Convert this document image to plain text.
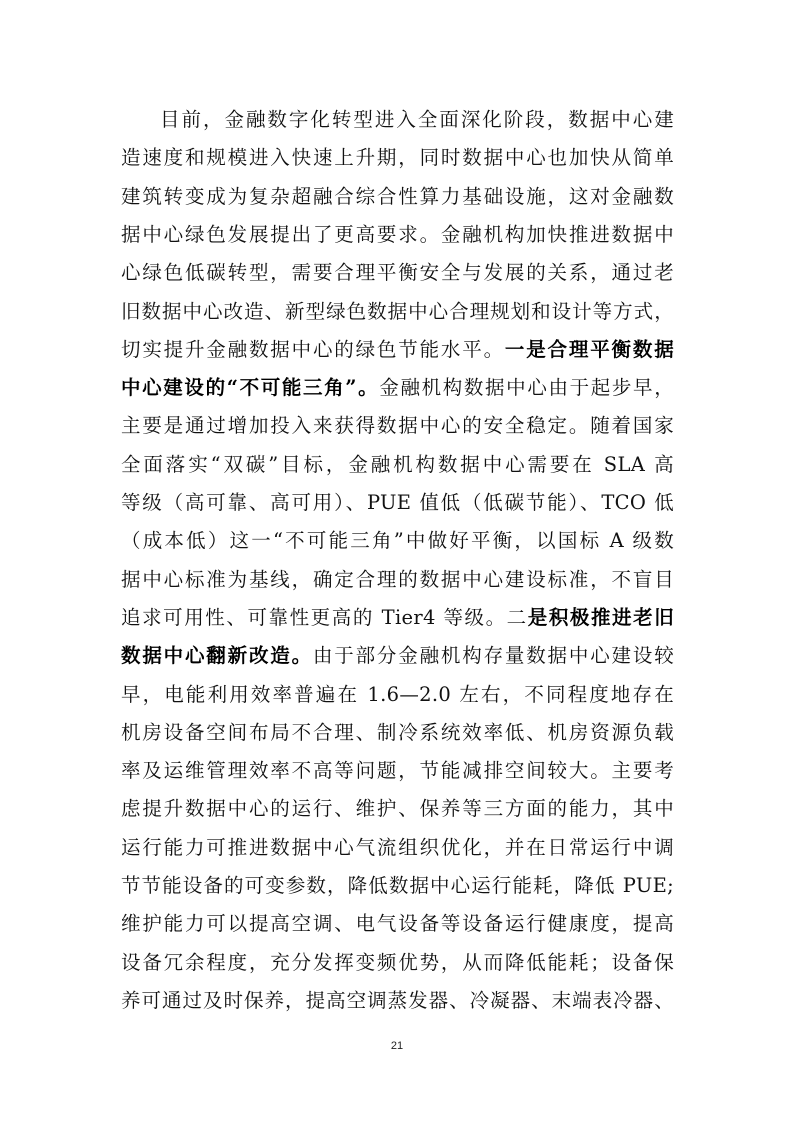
目前，金融数字化转型进入全面深化阶段，数据中心建
造速度和规模进入快速上升期，同时数据中心也加快从简单
建筑转变成为复杂超融合综合性算力基础设施，这对金融数
据中心绿色发展提出了更高要求。金融机构加快推进数据中
心绿色低碳转型，需要合理平衡安全与发展的关系，通过老
旧数据中心改造、新型绿色数据中心合理规划和设计等方式，
切实提升金融数据中心的绿色节能水平。一是合理平衡数据
中心建设的“不可能三角”。金融机构数据中心由于起步早，
主要是通过增加投入来获得数据中心的安全稳定。随着国家
全面落实“双碳”目标，金融机构数据中心需要在 SLA 高
等级（高可靠、高可用）、PUE 值低（低碳节能）、TCO 低
（成本低）这一“不可能三角”中做好平衡，以国标 A 级数
据中心标准为基线，确定合理的数据中心建设标准，不盲目
追求可用性、可靠性更高的 Tier4 等级。二是积极推进老旧
数据中心翻新改造。由于部分金融机构存量数据中心建设较
早，电能利用效率普遍在 1.6—2.0 左右，不同程度地存在
机房设备空间布局不合理、制冷系统效率低、机房资源负载
率及运维管理效率不高等问题，节能减排空间较大。主要考
虑提升数据中心的运行、维护、保养等三方面的能力，其中
运行能力可推进数据中心气流组织优化，并在日常运行中调
节节能设备的可变参数，降低数据中心运行能耗，降低 PUE;
维护能力可以提高空调、电气设备等设备运行健康度，提高
设备冗余程度，充分发挥变频优势，从而降低能耗；设备保
养可通过及时保养，提高空调蒸发器、冷凝器、末端表冷器、
21
